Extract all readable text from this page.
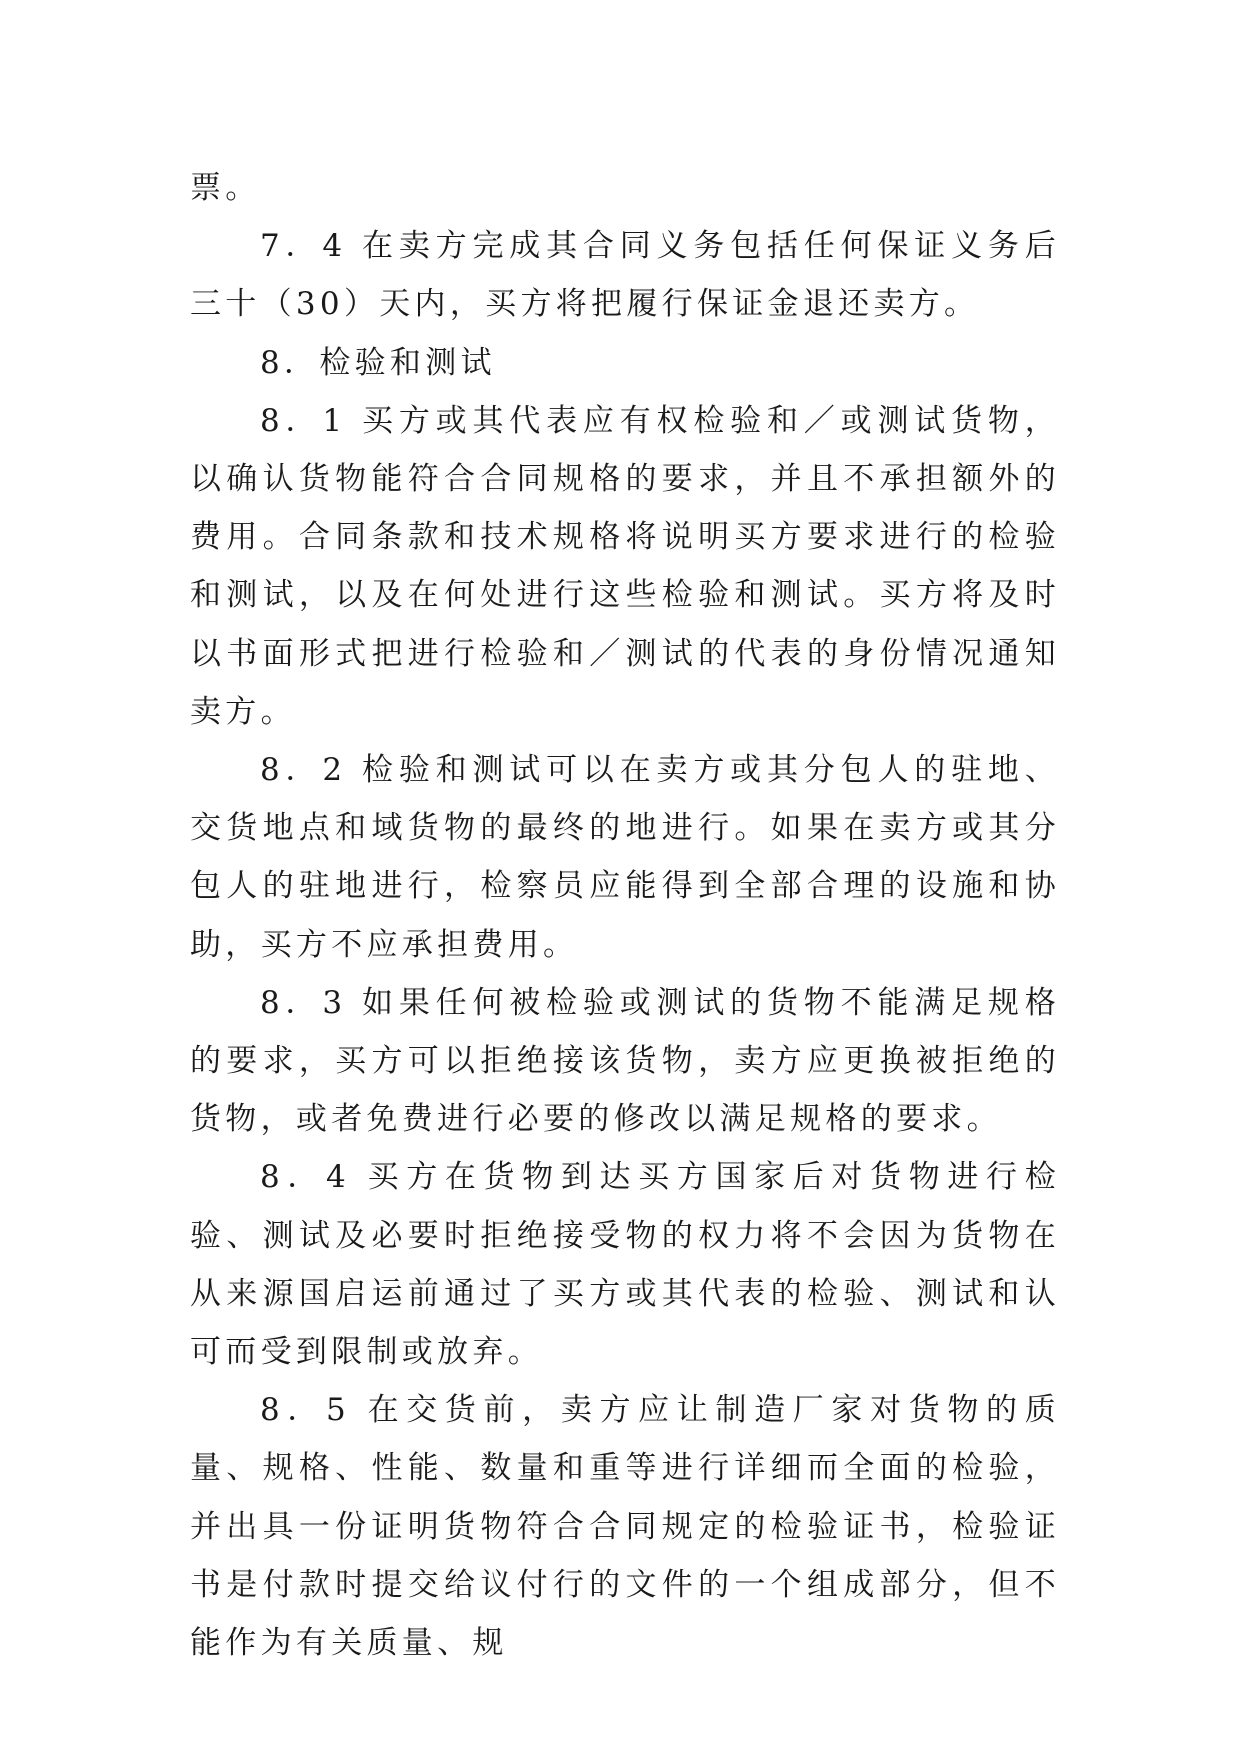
票。

7．4 在卖方完成其合同义务包括任何保证义务后三十（30）天内，买方将把履行保证金退还卖方。

8．检验和测试

8．1 买方或其代表应有权检验和／或测试货物，以确认货物能符合合同规格的要求，并且不承担额外的费用。合同条款和技术规格将说明买方要求进行的检验和测试，以及在何处进行这些检验和测试。买方将及时以书面形式把进行检验和／测试的代表的身份情况通知卖方。

8．2 检验和测试可以在卖方或其分包人的驻地、交货地点和域货物的最终的地进行。如果在卖方或其分包人的驻地进行，检察员应能得到全部合理的设施和协助，买方不应承担费用。

8．3 如果任何被检验或测试的货物不能满足规格的要求，买方可以拒绝接该货物，卖方应更换被拒绝的货物，或者免费进行必要的修改以满足规格的要求。

8．4 买方在货物到达买方国家后对货物进行检验、测试及必要时拒绝接受物的权力将不会因为货物在从来源国启运前通过了买方或其代表的检验、测试和认可而受到限制或放弃。

8．5 在交货前，卖方应让制造厂家对货物的质量、规格、性能、数量和重等进行详细而全面的检验，并出具一份证明货物符合合同规定的检验证书，检验证书是付款时提交给议付行的文件的一个组成部分，但不能作为有关质量、规
